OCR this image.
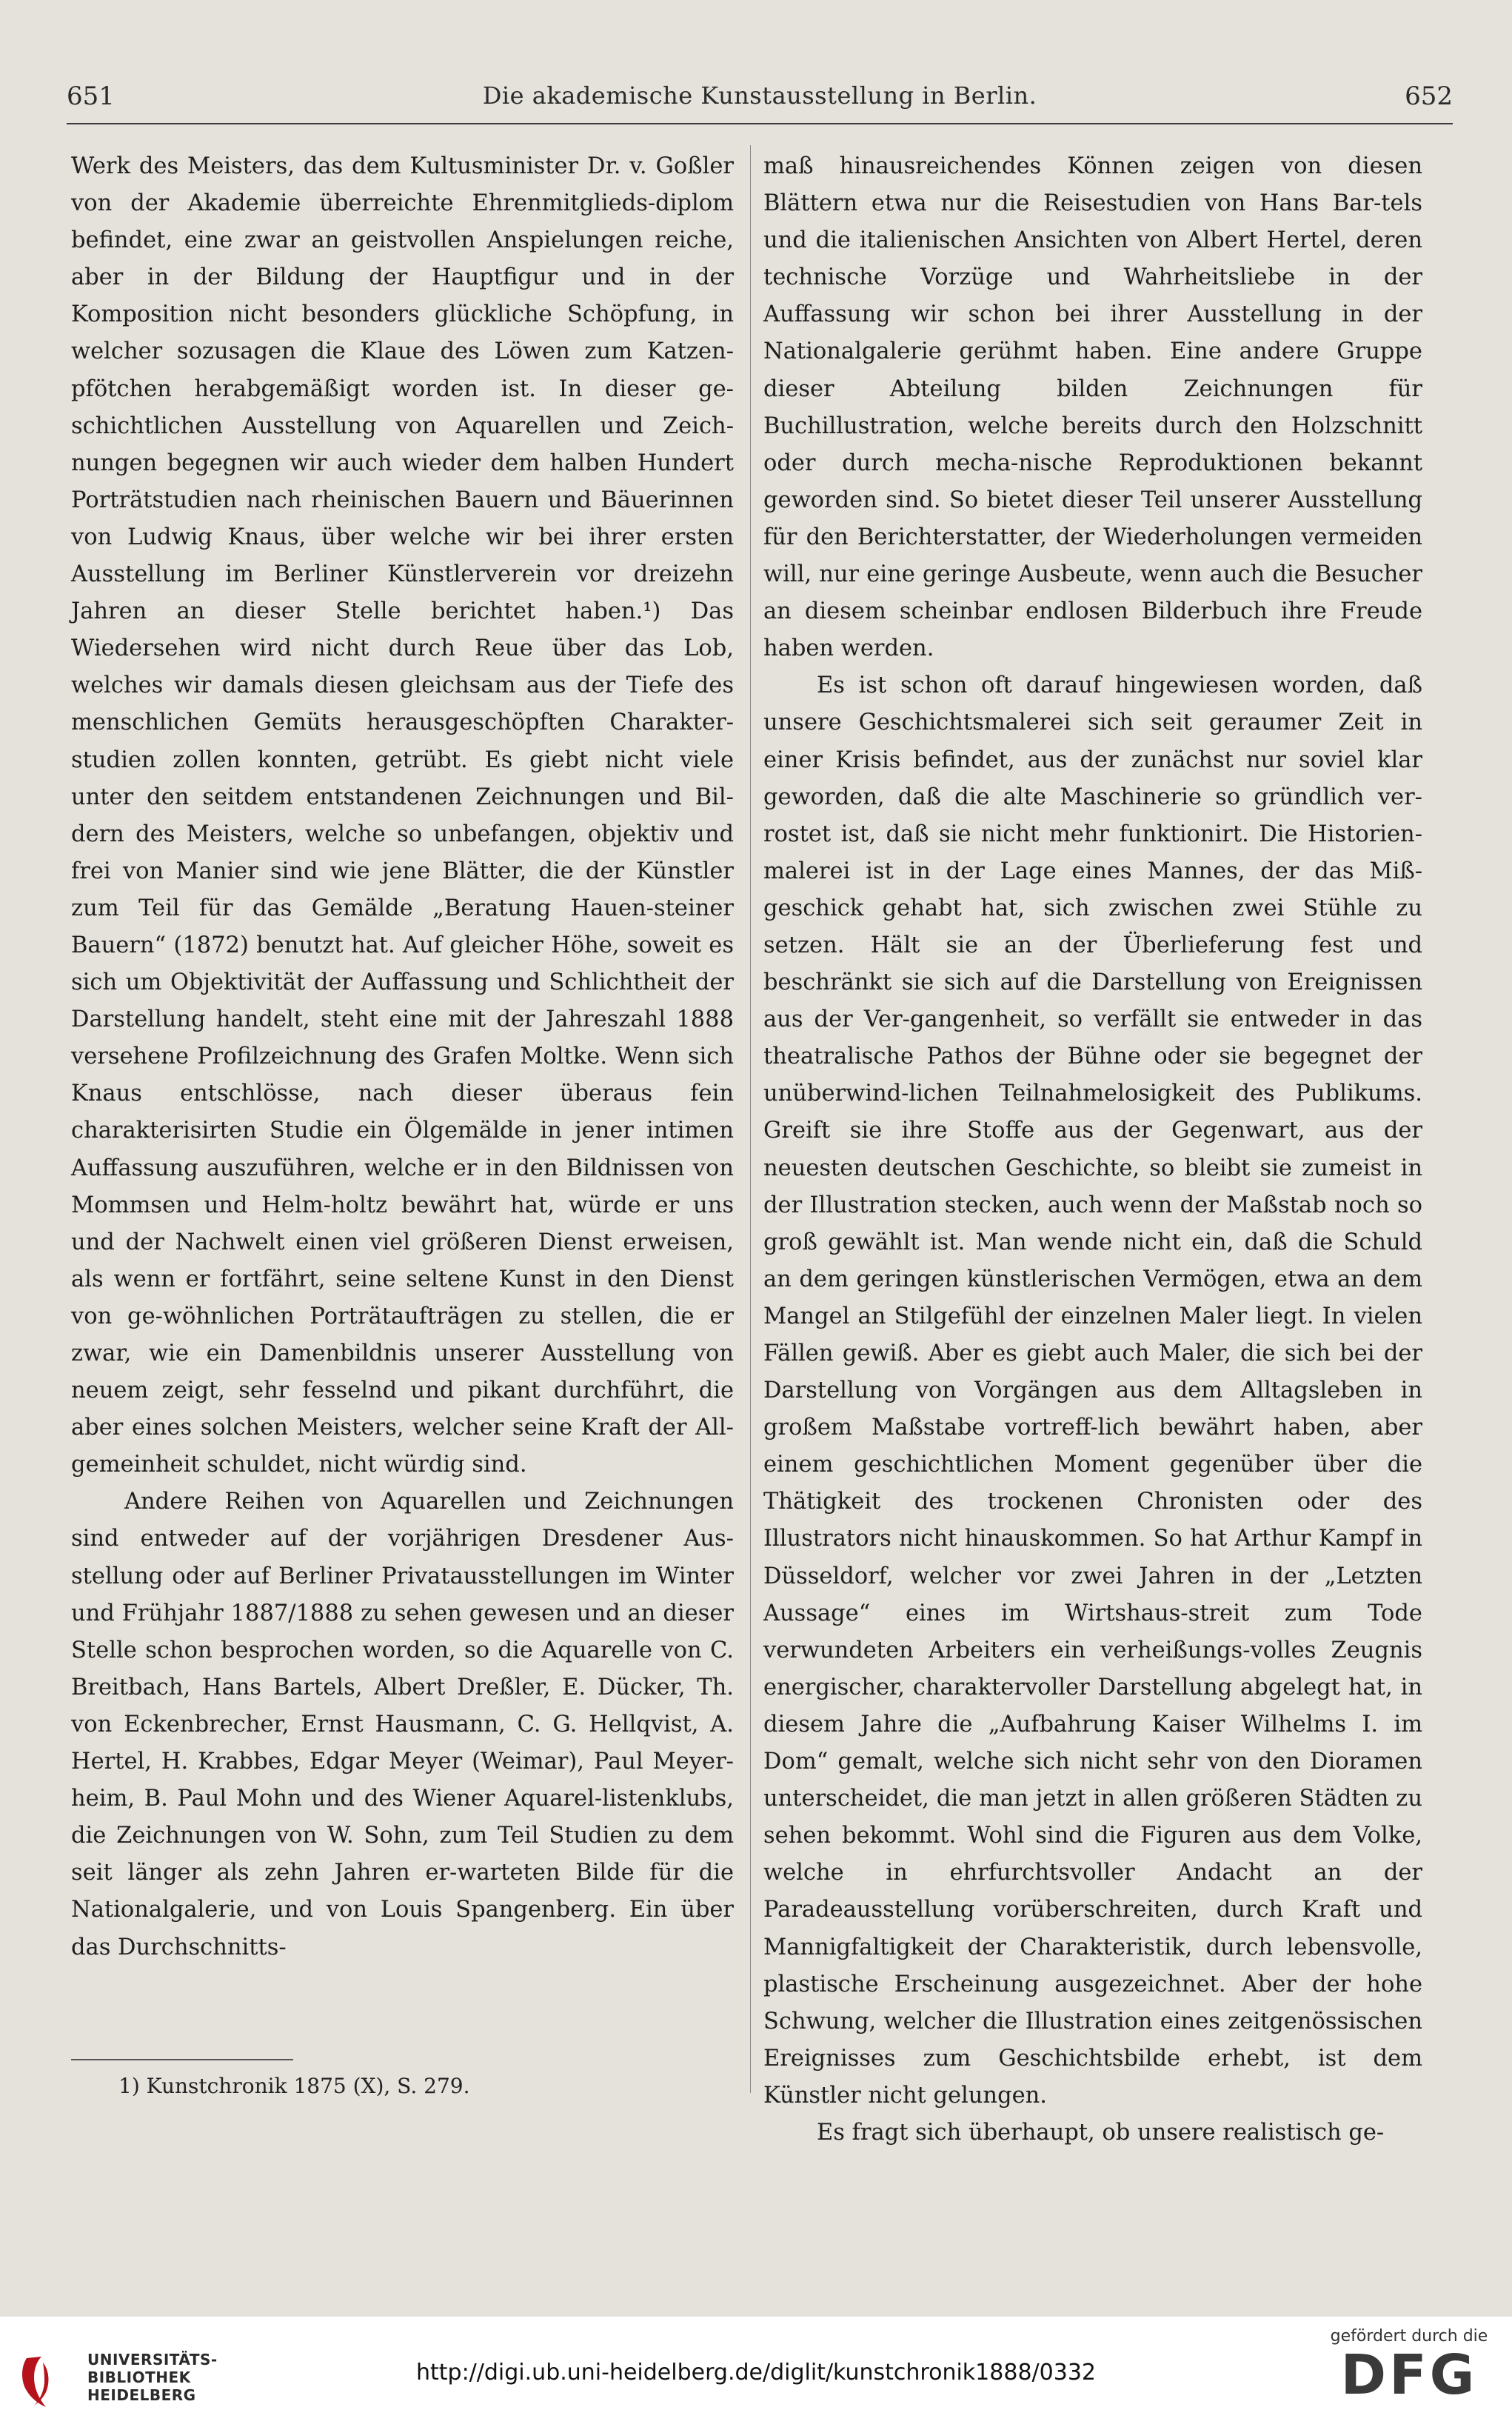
651	Die akademische Kunstausstellung in Berlin.	652

Werk des Meisters, das dem Kultusminister Dr. v. Goßler von der Akademie überreichte Ehrenmitglieds-diplom befindet, eine zwar an geistvollen Anspielungen reiche, aber in der Bildung der Hauptfigur und in der Komposition nicht besonders glückliche Schöpfung, in welcher sozusagen die Klaue des Löwen zum Katzen-pfötchen herabgemäßigt worden ist. In dieser ge-schichtlichen Ausstellung von Aquarellen und Zeich-nungen begegnen wir auch wieder dem halben Hundert Porträtstudien nach rheinischen Bauern und Bäuerinnen von Ludwig Knaus, über welche wir bei ihrer ersten Ausstellung im Berliner Künstlerverein vor dreizehn Jahren an dieser Stelle berichtet haben.¹) Das Wiedersehen wird nicht durch Reue über das Lob, welches wir damals diesen gleichsam aus der Tiefe des menschlichen Gemüts herausgeschöpften Charakter-studien zollen konnten, getrübt. Es giebt nicht viele unter den seitdem entstandenen Zeichnungen und Bil-dern des Meisters, welche so unbefangen, objektiv und frei von Manier sind wie jene Blätter, die der Künstler zum Teil für das Gemälde „Beratung Hauen-steiner Bauern“ (1872) benutzt hat. Auf gleicher Höhe, soweit es sich um Objektivität der Auffassung und Schlichtheit der Darstellung handelt, steht eine mit der Jahreszahl 1888 versehene Profilzeichnung des Grafen Moltke. Wenn sich Knaus entschlösse, nach dieser überaus fein charakterisirten Studie ein Ölgemälde in jener intimen Auffassung auszuführen, welche er in den Bildnissen von Mommsen und Helm-holtz bewährt hat, würde er uns und der Nachwelt einen viel größeren Dienst erweisen, als wenn er fortfährt, seine seltene Kunst in den Dienst von ge-wöhnlichen Porträtaufträgen zu stellen, die er zwar, wie ein Damenbildnis unserer Ausstellung von neuem zeigt, sehr fesselnd und pikant durchführt, die aber eines solchen Meisters, welcher seine Kraft der All-gemeinheit schuldet, nicht würdig sind.

Andere Reihen von Aquarellen und Zeichnungen sind entweder auf der vorjährigen Dresdener Aus-stellung oder auf Berliner Privatausstellungen im Winter und Frühjahr 1887/1888 zu sehen gewesen und an dieser Stelle schon besprochen worden, so die Aquarelle von C. Breitbach, Hans Bartels, Albert Dreßler, E. Dücker, Th. von Eckenbrecher, Ernst Hausmann, C. G. Hellqvist, A. Hertel, H. Krabbes, Edgar Meyer (Weimar), Paul Meyer-heim, B. Paul Mohn und des Wiener Aquarel-listenklubs, die Zeichnungen von W. Sohn, zum Teil Studien zu dem seit länger als zehn Jahren er-warteten Bilde für die Nationalgalerie, und von Louis Spangenberg. Ein über das Durchschnitts-

maß hinausreichendes Können zeigen von diesen Blättern etwa nur die Reisestudien von Hans Bar-tels und die italienischen Ansichten von Albert Hertel, deren technische Vorzüge und Wahrheitsliebe in der Auffassung wir schon bei ihrer Ausstellung in der Nationalgalerie gerühmt haben. Eine andere Gruppe dieser Abteilung bilden Zeichnungen für Buchillustration, welche bereits durch den Holzschnitt oder durch mecha-nische Reproduktionen bekannt geworden sind. So bietet dieser Teil unserer Ausstellung für den Berichterstatter, der Wiederholungen vermeiden will, nur eine geringe Ausbeute, wenn auch die Besucher an diesem scheinbar endlosen Bilderbuch ihre Freude haben werden.

Es ist schon oft darauf hingewiesen worden, daß unsere Geschichtsmalerei sich seit geraumer Zeit in einer Krisis befindet, aus der zunächst nur soviel klar geworden, daß die alte Maschinerie so gründlich ver-rostet ist, daß sie nicht mehr funktionirt. Die Historien-malerei ist in der Lage eines Mannes, der das Miß-geschick gehabt hat, sich zwischen zwei Stühle zu setzen. Hält sie an der Überlieferung fest und beschränkt sie sich auf die Darstellung von Ereignissen aus der Ver-gangenheit, so verfällt sie entweder in das theatralische Pathos der Bühne oder sie begegnet der unüberwind-lichen Teilnahmelosigkeit des Publikums. Greift sie ihre Stoffe aus der Gegenwart, aus der neuesten deutschen Geschichte, so bleibt sie zumeist in der Illustration stecken, auch wenn der Maßstab noch so groß gewählt ist. Man wende nicht ein, daß die Schuld an dem geringen künstlerischen Vermögen, etwa an dem Mangel an Stilgefühl der einzelnen Maler liegt. In vielen Fällen gewiß. Aber es giebt auch Maler, die sich bei der Darstellung von Vorgängen aus dem Alltagsleben in großem Maßstabe vortreff-lich bewährt haben, aber einem geschichtlichen Moment gegenüber über die Thätigkeit des trockenen Chronisten oder des Illustrators nicht hinauskommen. So hat Arthur Kampf in Düsseldorf, welcher vor zwei Jahren in der „Letzten Aussage“ eines im Wirtshaus-streit zum Tode verwundeten Arbeiters ein verheißungs-volles Zeugnis energischer, charaktervoller Darstellung abgelegt hat, in diesem Jahre die „Aufbahrung Kaiser Wilhelms I. im Dom“ gemalt, welche sich nicht sehr von den Dioramen unterscheidet, die man jetzt in allen größeren Städten zu sehen bekommt. Wohl sind die Figuren aus dem Volke, welche in ehrfurchtsvoller Andacht an der Paradeausstellung vorüberschreiten, durch Kraft und Mannigfaltigkeit der Charakteristik, durch lebensvolle, plastische Erscheinung ausgezeichnet. Aber der hohe Schwung, welcher die Illustration eines zeitgenössischen Ereignisses zum Geschichtsbilde erhebt, ist dem Künstler nicht gelungen.

Es fragt sich überhaupt, ob unsere realistisch ge-

1) Kunstchronik 1875 (X), S. 279.
UNIVERSITÄTS-
BIBLIOTHEK
HEIDELBERG
http://digi.ub.uni-heidelberg.de/diglit/kunstchronik1888/0332
gefördert durch die
DFG
